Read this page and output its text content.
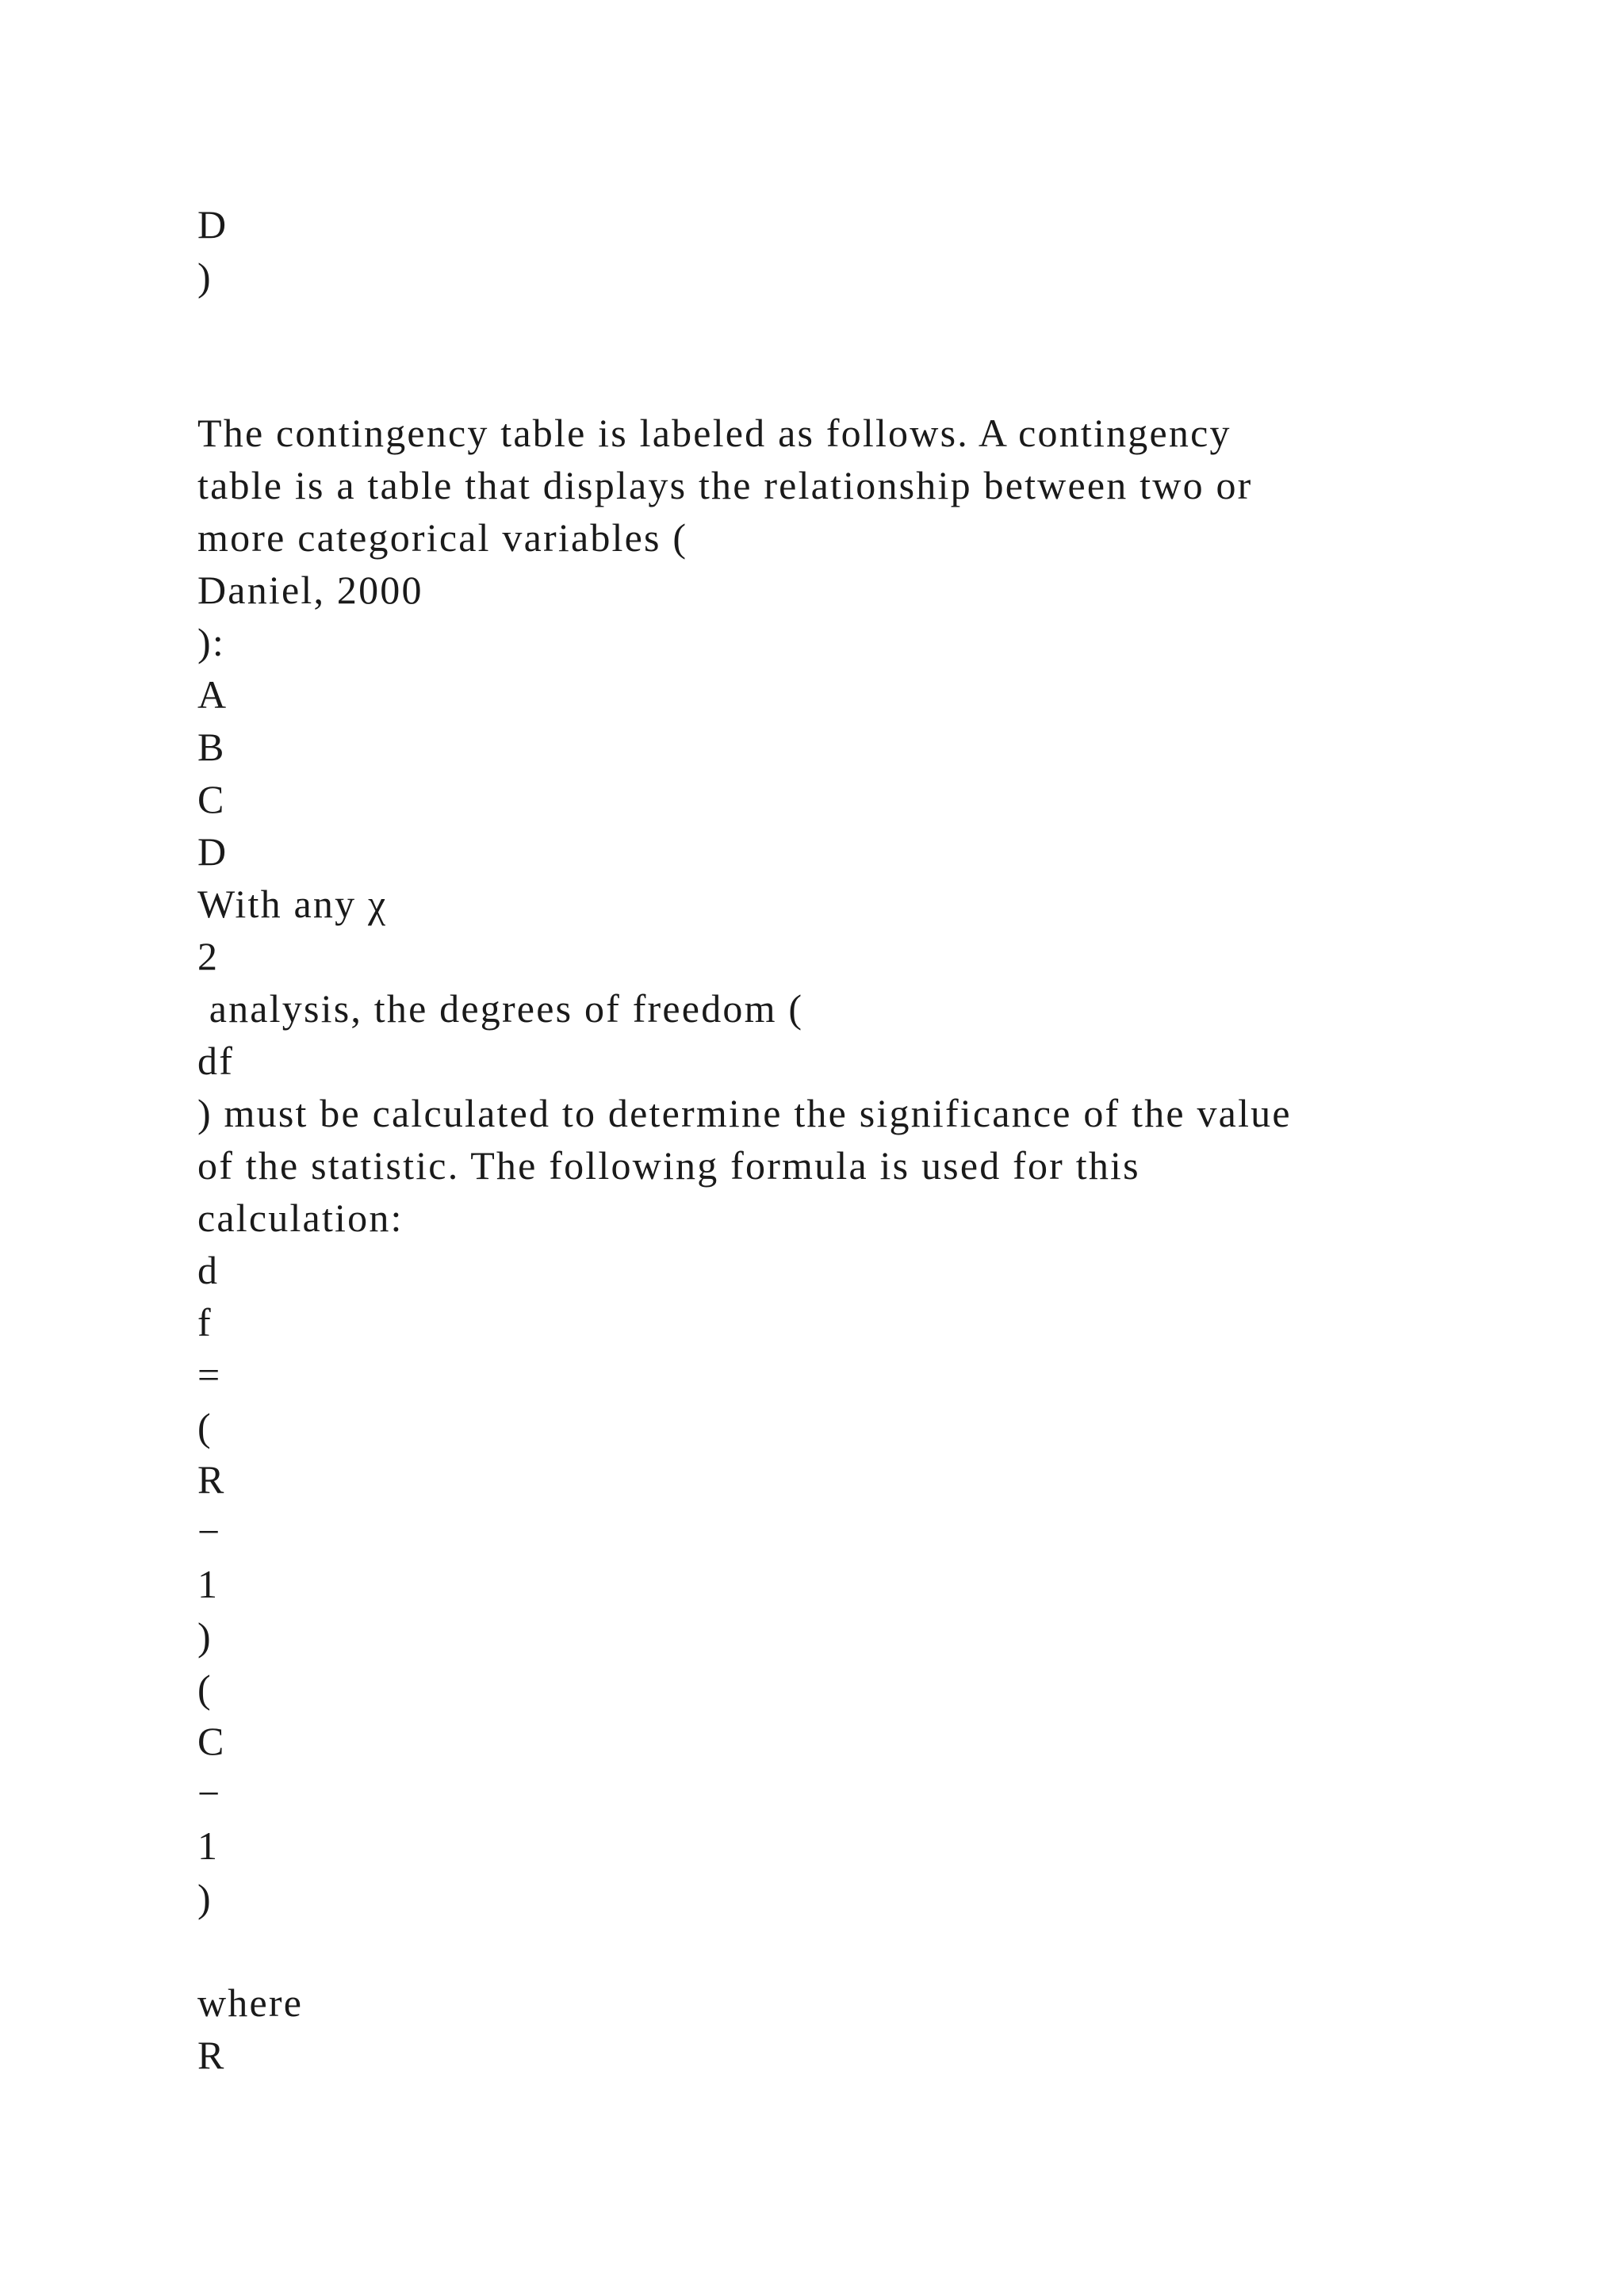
D

)

The contingency table is labeled as follows. A contingency

table is a table that displays the relationship between two or

more categorical variables (

Daniel, 2000

):

A

B

C

D

With any χ

2

analysis, the degrees of freedom (

df

) must be calculated to determine the significance of the value

of the statistic. The following formula is used for this

calculation:

d

f

=

(

R

−

1

)

(

C

−

1

)

where

R
